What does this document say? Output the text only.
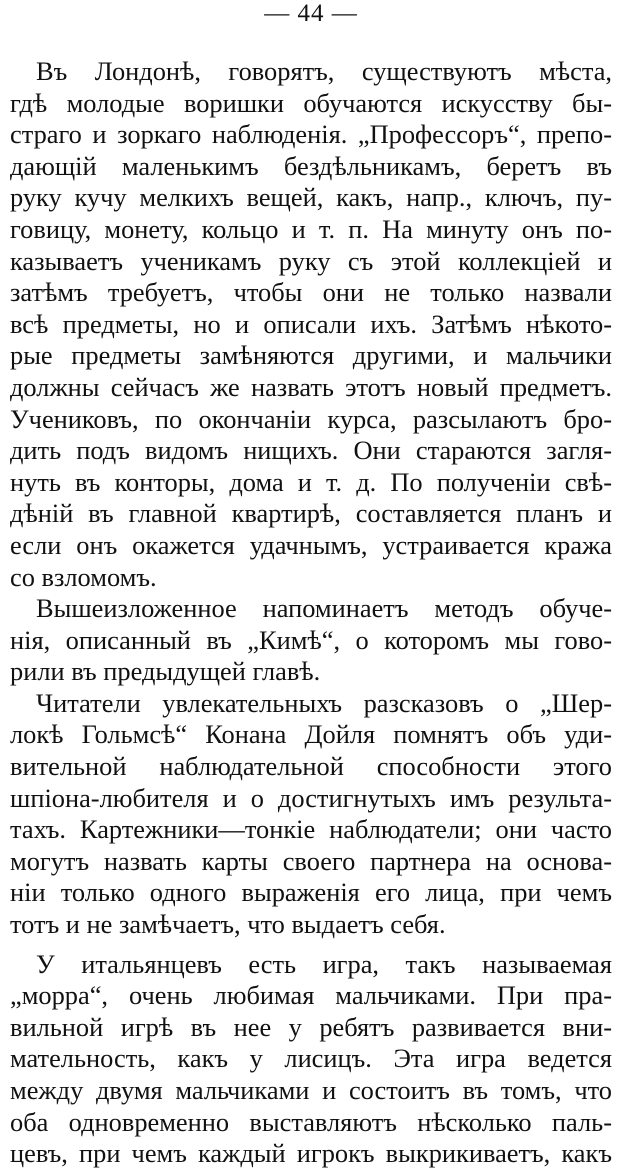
— 44 —
Въ Лондонѣ, говорятъ, существуютъ мѣста,
гдѣ молодые воришки обучаются искусству бы-
страго и зоркаго наблюденія. „Профессоръ“, препо-
дающій маленькимъ бездѣльникамъ, беретъ въ
руку кучу мелкихъ вещей, какъ, напр., ключъ, пу-
говицу, монету, кольцо и т. п. На минуту онъ по-
казываетъ ученикамъ руку съ этой коллекціей и
затѣмъ требуетъ, чтобы они не только назвали
всѣ предметы, но и описали ихъ. Затѣмъ нѣкото-
рые предметы замѣняются другими, и мальчики
должны сейчасъ же назвать этотъ новый предметъ.
Учениковъ, по окончаніи курса, разсылаютъ бро-
дить подъ видомъ нищихъ. Они стараются загля-
нуть въ конторы, дома и т. д. По полученіи свѣ-
дѣній въ главной квартирѣ, составляется планъ и
если онъ окажется удачнымъ, устраивается кража
со взломомъ.
Вышеизложенное напоминаетъ методъ обуче-
нія, описанный въ „Кимѣ“, о которомъ мы гово-
рили въ предыдущей главѣ.
Читатели увлекательныхъ разсказовъ о „Шер-
локѣ Гольмсѣ“ Конана Дойля помнятъ объ уди-
вительной наблюдательной способности этого
шпіона-любителя и о достигнутыхъ имъ результа-
тахъ. Картежники—тонкіе наблюдатели; они часто
могутъ назвать карты своего партнера на основа-
ніи только одного выраженія его лица, при чемъ
тотъ и не замѣчаетъ, что выдаетъ себя.
У итальянцевъ есть игра, такъ называемая
„морра“, очень любимая мальчиками. При пра-
вильной игрѣ въ нее у ребятъ развивается вни-
мательность, какъ у лисицъ. Эта игра ведется
между двумя мальчиками и состоитъ въ томъ, что
оба одновременно выставляютъ нѣсколько паль-
цевъ, при чемъ каждый игрокъ выкрикиваетъ, какъ
